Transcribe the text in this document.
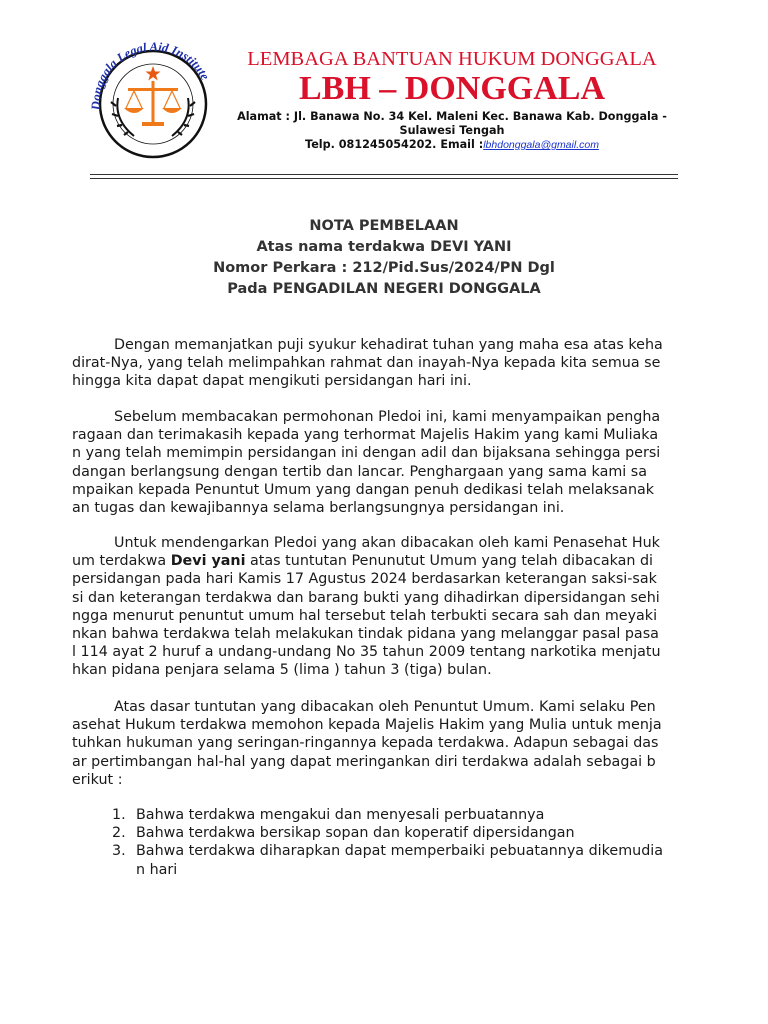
Donggala Legal Aid Institute
LEMBAGA BANTUAN HUKUM DONGGALA
LBH – DONGGALA
Alamat : Jl. Banawa No. 34 Kel. Maleni Kec. Banawa Kab. Donggala -
Sulawesi Tengah
Telp. 081245054202. Email :lbhdonggala@gmail.com
NOTA PEMBELAAN
Atas nama terdakwa DEVI YANI
Nomor Perkara : 212/Pid.Sus/2024/PN Dgl
Pada PENGADILAN NEGERI DONGGALA
Dengan memanjatkan puji syukur kehadirat tuhan yang maha esa atas keha
dirat-Nya, yang telah melimpahkan rahmat dan inayah-Nya kepada kita semua se
hingga kita dapat dapat mengikuti persidangan hari ini.
Sebelum membacakan permohonan Pledoi ini, kami menyampaikan pengha
ragaan dan terimakasih kepada yang terhormat Majelis Hakim yang kami Muliaka
n yang telah memimpin persidangan ini dengan adil dan bijaksana sehingga persi
dangan berlangsung dengan tertib dan lancar. Penghargaan yang sama kami sa
mpaikan kepada Penuntut Umum yang dangan penuh dedikasi telah melaksanak
an tugas dan kewajibannya selama berlangsungnya persidangan ini.
Untuk mendengarkan Pledoi yang akan dibacakan oleh kami Penasehat Huk
um terdakwa Devi yani atas tuntutan Penunutut Umum yang telah dibacakan di
persidangan pada hari Kamis 17 Agustus 2024 berdasarkan keterangan saksi-sak
si dan keterangan terdakwa dan barang bukti yang dihadirkan dipersidangan sehi
ngga menurut penuntut umum hal tersebut telah terbukti secara sah dan meyaki
nkan bahwa terdakwa telah melakukan tindak pidana yang melanggar pasal pasa
l 114 ayat 2 huruf a undang-undang No 35 tahun 2009 tentang narkotika menjatu
hkan pidana penjara selama 5 (lima ) tahun 3 (tiga) bulan.
Atas dasar tuntutan yang dibacakan oleh Penuntut Umum. Kami selaku Pen
asehat Hukum terdakwa memohon kepada Majelis Hakim yang Mulia untuk menja
tuhkan hukuman yang seringan-ringannya kepada terdakwa. Adapun sebagai das
ar pertimbangan hal-hal yang dapat meringankan diri terdakwa adalah sebagai b
erikut :
1. Bahwa terdakwa mengakui dan menyesali perbuatannya
2. Bahwa terdakwa bersikap sopan dan koperatif dipersidangan
3. Bahwa terdakwa diharapkan dapat memperbaiki pebuatannya dikemudia
n hari
